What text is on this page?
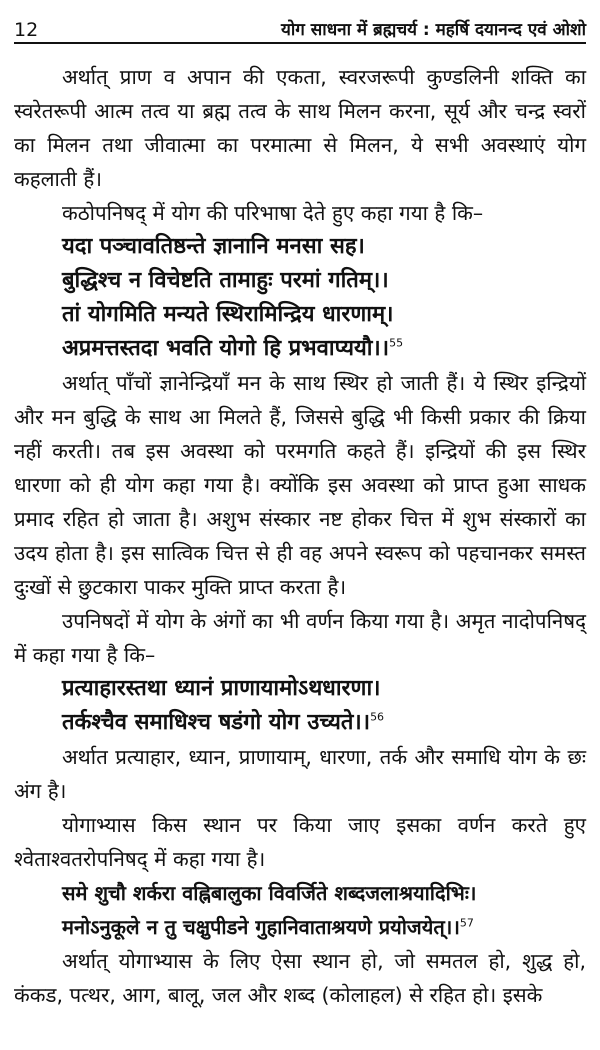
12	योग साधना में ब्रह्मचर्य : महर्षि दयानन्द एवं ओशो

अर्थात् प्राण व अपान की एकता, स्वरजरूपी कुण्डलिनी शक्ति का स्वरेतरूपी आत्म तत्व या ब्रह्म तत्व के साथ मिलन करना, सूर्य और चन्द्र स्वरों का मिलन तथा जीवात्मा का परमात्मा से मिलन, ये सभी अवस्थाएं योग कहलाती हैं।

कठोपनिषद् में योग की परिभाषा देते हुए कहा गया है कि–

यदा पञ्चावतिष्ठन्ते ज्ञानानि मनसा सह।

बुद्धिश्च न विचेष्टति तामाहुः परमां गतिम्।।

तां योगमिति मन्यते स्थिरामिन्द्रिय धारणाम्।

अप्रमत्तस्तदा भवति योगो हि प्रभवाप्ययौ।।$^{55}$

अर्थात् पाँचों ज्ञानेन्द्रियाँ मन के साथ स्थिर हो जाती हैं। ये स्थिर इन्द्रियों और मन बुद्धि के साथ आ मिलते हैं, जिससे बुद्धि भी किसी प्रकार की क्रिया नहीं करती। तब इस अवस्था को परमगति कहते हैं। इन्द्रियों की इस स्थिर धारणा को ही योग कहा गया है। क्योंकि इस अवस्था को प्राप्त हुआ साधक प्रमाद रहित हो जाता है। अशुभ संस्कार नष्ट होकर चित्त में शुभ संस्कारों का उदय होता है। इस सात्विक चित्त से ही वह अपने स्वरूप को पहचानकर समस्त दुःखों से छुटकारा पाकर मुक्ति प्राप्त करता है।

उपनिषदों में योग के अंगों का भी वर्णन किया गया है। अमृत नादोपनिषद् में कहा गया है कि–

प्रत्याहारस्तथा ध्यानं प्राणायामोऽथधारणा।

तर्कश्चैव समाधिश्च षडंगो योग उच्यते।।$^{56}$

अर्थात प्रत्याहार, ध्यान, प्राणायाम्, धारणा, तर्क और समाधि योग के छः अंग है।

योगाभ्यास किस स्थान पर किया जाए इसका वर्णन करते हुए श्वेताश्वतरोपनिषद् में कहा गया है।

समे शुचौ शर्करा वह्निबालुका विवर्जिते शब्दजलाश्रयादिभिः।

मनोऽनुकूले न तु चक्षुपीडने गुहानिवाताश्रयणे प्रयोजयेत्।।$^{57}$

अर्थात् योगाभ्यास के लिए ऐसा स्थान हो, जो समतल हो, शुद्ध हो, कंकड, पत्थर, आग, बालू, जल और शब्द (कोलाहल) से रहित हो। इसके
